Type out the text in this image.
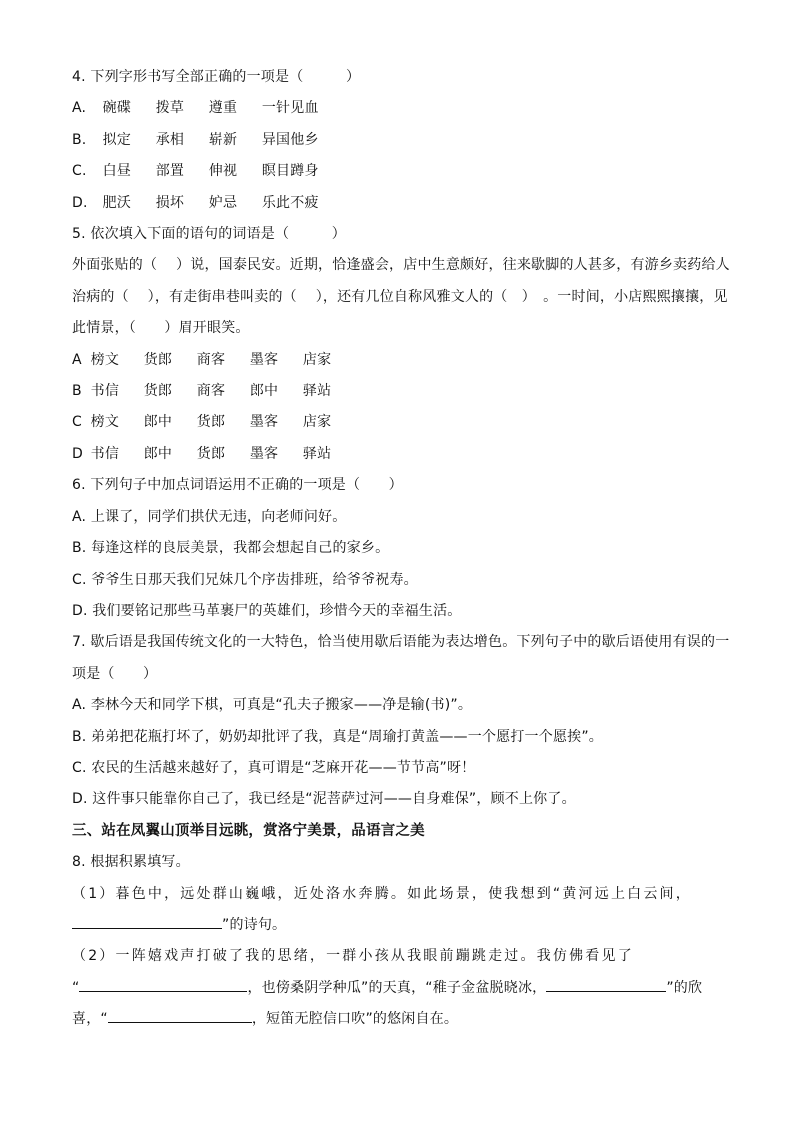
4. 下列字形书写全部正确的一项是（　　　）
A. 碗碟 拨草 遵重 一针见血
B. 拟定 承相 崭新 异国他乡
C. 白昼 部置 伸视 瞑目蹲身
D. 肥沃 损坏 妒忌 乐此不疲
5. 依次填入下面的语句的词语是（　　　）
外面张贴的（　 ）说，国泰民安。近期，恰逢盛会，店中生意颇好，往来歇脚的人甚多，有游乡卖药给人
治病的（　 ），有走街串巷叫卖的（　 ），还有几位自称风雅文人的（　）　。一时间，小店熙熙攘攘，见
此情景，（　　）眉开眼笑。
A 榜文 货郎 商客 墨客 店家
B 书信 货郎 商客 郎中 驿站
C 榜文 郎中 货郎 墨客 店家
D 书信 郎中 货郎 墨客 驿站
6. 下列句子中加点词语运用不正确的一项是（　　）
A. 上课了，同学们拱伏无违，向老师问好。
B. 每逢这样的良辰美景，我都会想起自己的家乡。
C. 爷爷生日那天我们兄妹几个序齿排班，给爷爷祝寿。
D. 我们要铭记那些马革裹尸的英雄们，珍惜今天的幸福生活。
7. 歇后语是我国传统文化的一大特色，恰当使用歇后语能为表达增色。下列句子中的歇后语使用有误的一
项是（　　）
A. 李林今天和同学下棋，可真是“孔夫子搬家——净是输(书)”。
B. 弟弟把花瓶打坏了，奶奶却批评了我，真是“周瑜打黄盖——一个愿打一个愿挨”。
C. 农民的生活越来越好了，真可谓是“芝麻开花——节节高”呀！
D. 这件事只能靠你自己了，我已经是“泥菩萨过河——自身难保”，顾不上你了。
三、站在凤翼山顶举目远眺，赏洛宁美景，品语言之美
8. 根据积累填写。
（1）暮色中，远处群山巍峨，近处洛水奔腾。如此场景，使我想到“黄河远上白云间，
”的诗句。
（2）一阵嬉戏声打破了我的思绪，一群小孩从我眼前蹦跳走过。我仿佛看见了
“	，也傍桑阴学种瓜”的天真，“稚子金盆脱晓冰，	”的欣
喜，“	，短笛无腔信口吹”的悠闲自在。
